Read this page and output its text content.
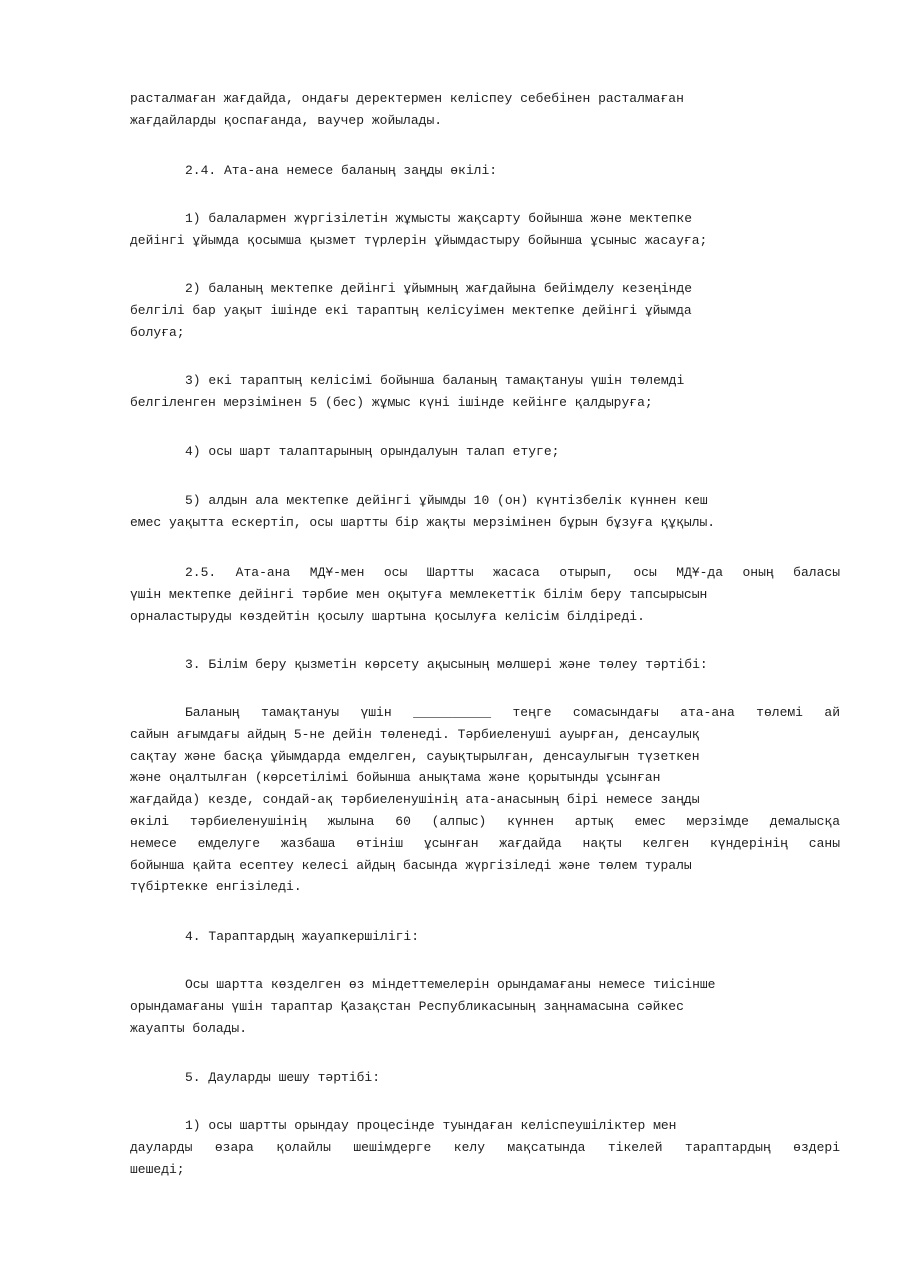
расталмаған жағдайда, ондағы деректермен келіспеу себебінен расталмаған
жағдайларды қоспағанда, ваучер жойылады.
2.4. Ата-ана немесе баланың заңды өкілі:
1) балалармен жүргізілетін жұмысты жақсарту бойынша және мектепке
дейінгі ұйымда қосымша қызмет түрлерін ұйымдастыру бойынша ұсыныс жасауға;
2) баланың мектепке дейінгі ұйымның жағдайына бейімделу кезеңінде
белгілі бар уақыт ішінде екі тараптың келісуімен мектепке дейінгі ұйымда
болуға;
3) екі тараптың келісімі бойынша баланың тамақтануы үшін төлемді
белгіленген мерзімінен 5 (бес) жұмыс күні ішінде кейінге қалдыруға;
4) осы шарт талаптарының орындалуын талап етуге;
5) алдын ала мектепке дейінгі ұйымды 10 (он) күнтізбелік күннен кеш
емес уақытта ескертіп, осы шартты бір жақты мерзімінен бұрын бұзуға құқылы.
2.5. Ата-ана МДҰ-мен осы Шартты жасаса отырып, осы МДҰ-да оның баласы
үшін мектепке дейінгі тәрбие мен оқытуға мемлекеттік білім беру тапсырысын
орналастыруды көздейтін қосылу шартына қосылуға келісім білдіреді.
3. Білім беру қызметін көрсету ақысының мөлшері және төлеу тәртібі:
Баланың тамақтануы үшін __________ теңге сомасындағы ата-ана төлемі ай
сайын ағымдағы айдың 5-не дейін төленеді. Тәрбиеленуші ауырған, денсаулық
сақтау және басқа ұйымдарда емделген, сауықтырылған, денсаулығын түзеткен
және оңалтылған (көрсетілімі бойынша анықтама және қорытынды ұсынған
жағдайда) кезде, сондай-ақ тәрбиеленушінің ата-анасының бірі немесе заңды
өкілі тәрбиеленушінің жылына 60 (алпыс) күннен артық емес мерзімде демалысқа
немесе емделуге жазбаша өтініш ұсынған жағдайда нақты келген күндерінің саны
бойынша қайта есептеу келесі айдың басында жүргізіледі және төлем туралы
түбіртекке енгізіледі.
4. Тараптардың жауапкершілігі:
Осы шартта көзделген өз міндеттемелерін орындамағаны немесе тиісінше
орындамағаны үшін тараптар Қазақстан Республикасының заңнамасына сәйкес
жауапты болады.
5. Дауларды шешу тәртібі:
1) осы шартты орындау процесінде туындаған келіспеушіліктер мен
дауларды өзара қолайлы шешімдерге келу мақсатында тікелей тараптардың өздері
шешеді;
